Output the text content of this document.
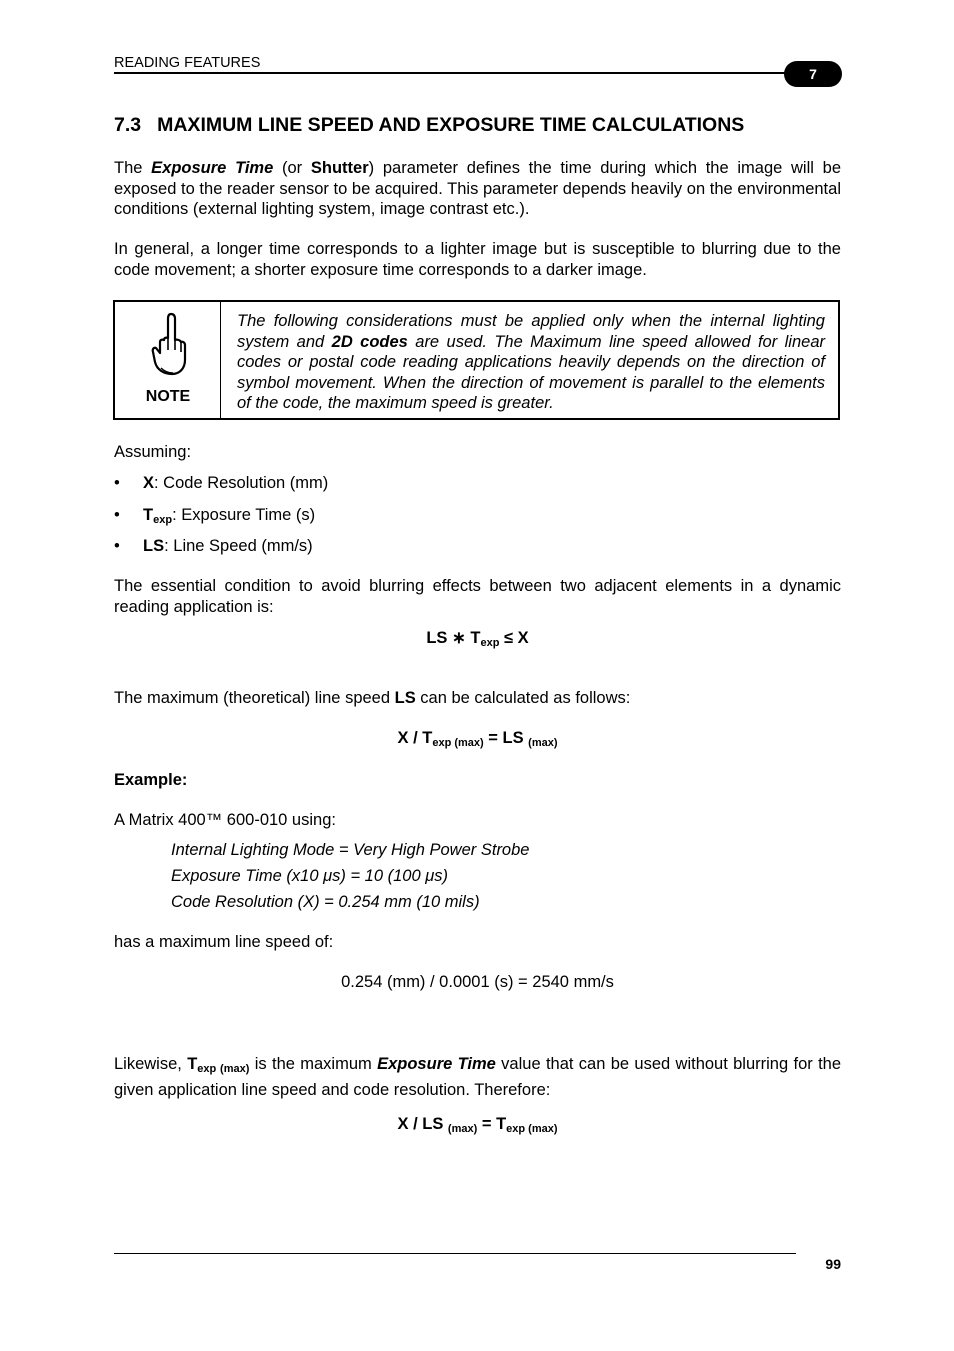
READING FEATURES
7
7.3 MAXIMUM LINE SPEED AND EXPOSURE TIME CALCULATIONS
The Exposure Time (or Shutter) parameter defines the time during which the image will be exposed to the reader sensor to be acquired. This parameter depends heavily on the environmental conditions (external lighting system, image contrast etc.).
In general, a longer time corresponds to a lighter image but is susceptible to blurring due to the code movement; a shorter exposure time corresponds to a darker image.
NOTE
The following considerations must be applied only when the internal lighting system and 2D codes are used. The Maximum line speed allowed for linear codes or postal code reading applications heavily depends on the direction of symbol movement. When the direction of movement is parallel to the elements of the code, the maximum speed is greater.
Assuming:
• X: Code Resolution (mm)
• $T_{exp}$: Exposure Time (s)
• LS: Line Speed (mm/s)
The essential condition to avoid blurring effects between two adjacent elements in a dynamic reading application is:
LS ∗ $T_{exp} \le X$
The maximum (theoretical) line speed LS can be calculated as follows:
X / $T_{exp (max)}$ = LS $_{(max)}$
Example:
A Matrix 400™ 600-010 using:
Internal Lighting Mode = Very High Power Strobe
Exposure Time (x10 μs) = 10 (100 μs)
Code Resolution (X) = 0.254 mm (10 mils)
has a maximum line speed of:
0.254 (mm) / 0.0001 (s) = 2540 mm/s
Likewise, $T_{exp (max)}$ is the maximum Exposure Time value that can be used without blurring for the given application line speed and code resolution. Therefore:
X / LS $_{(max)} = T_{exp (max)}$
99
